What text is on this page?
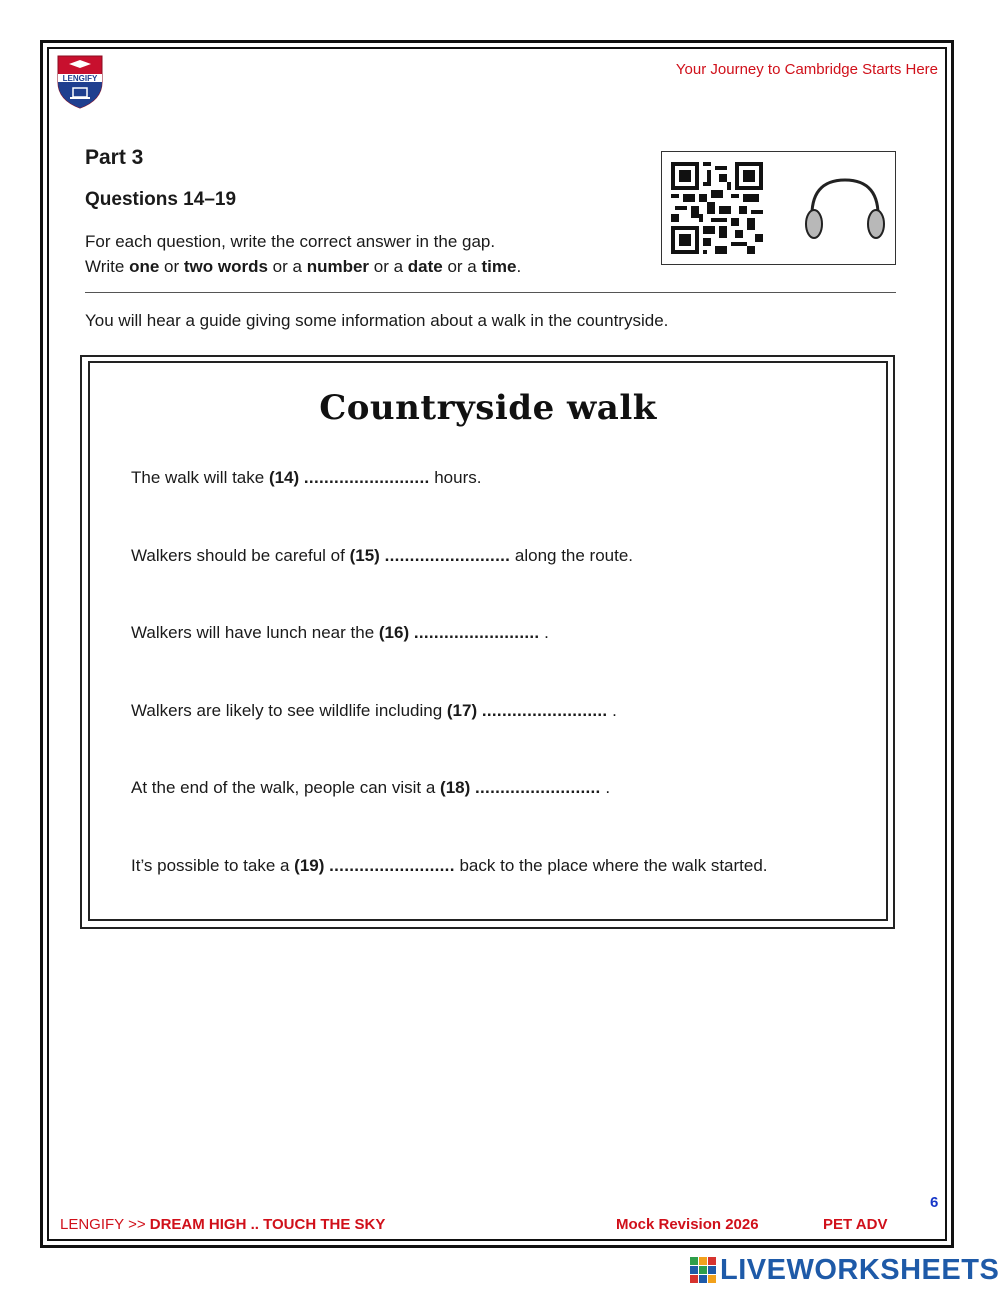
LENGIFY
Your Journey to Cambridge Starts Here
Part 3
Questions 14–19
For each question, write the correct answer in the gap.
Write one or two words or a number or a date or a time.
You will hear a guide giving some information about a walk in the countryside.
Countryside walk
The walk will take (14) ......................... hours.
Walkers should be careful of (15) ......................... along the route.
Walkers will have lunch near the (16) ......................... .
Walkers are likely to see wildlife including (17) ......................... .
At the end of the walk, people can visit a (18) ......................... .
It’s possible to take a (19) ......................... back to the place where the walk started.
6
LENGIFY >> DREAM HIGH .. TOUCH THE SKY	Mock Revision 2026	PET ADV
LIVEWORKSHEETS
